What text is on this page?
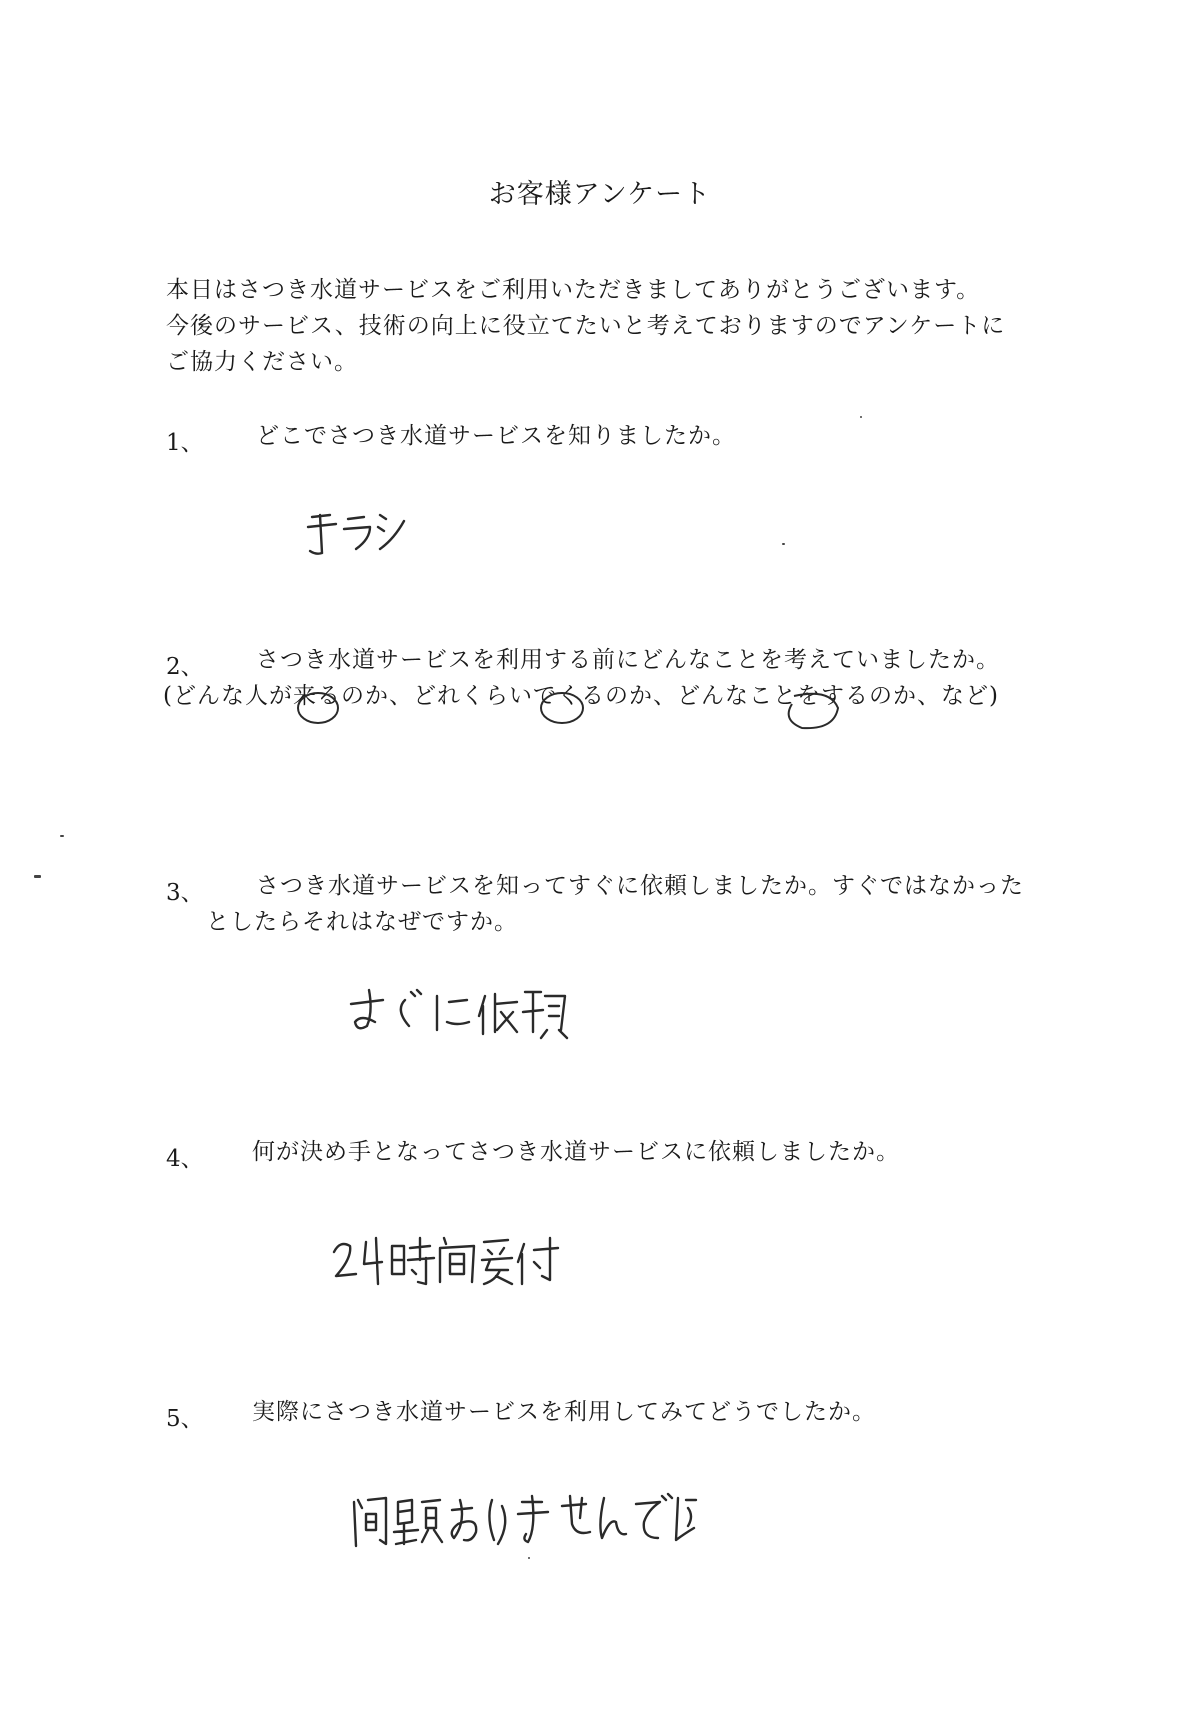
お客様アンケート
本日はさつき水道サービスをご利用いただきましてありがとうございます。
今後のサービス、技術の向上に役立てたいと考えておりますのでアンケートに
ご協力ください。
1、 どこでさつき水道サービスを知りましたか。
2、 さつき水道サービスを利用する前にどんなことを考えていましたか。
(どんな人が来るのか、どれくらいでくるのか、どんなことをするのか、など)
3、 さつき水道サービスを知ってすぐに依頼しましたか。すぐではなかった
としたらそれはなぜですか。
4、 何が決め手となってさつき水道サービスに依頼しましたか。
5、 実際にさつき水道サービスを利用してみてどうでしたか。
